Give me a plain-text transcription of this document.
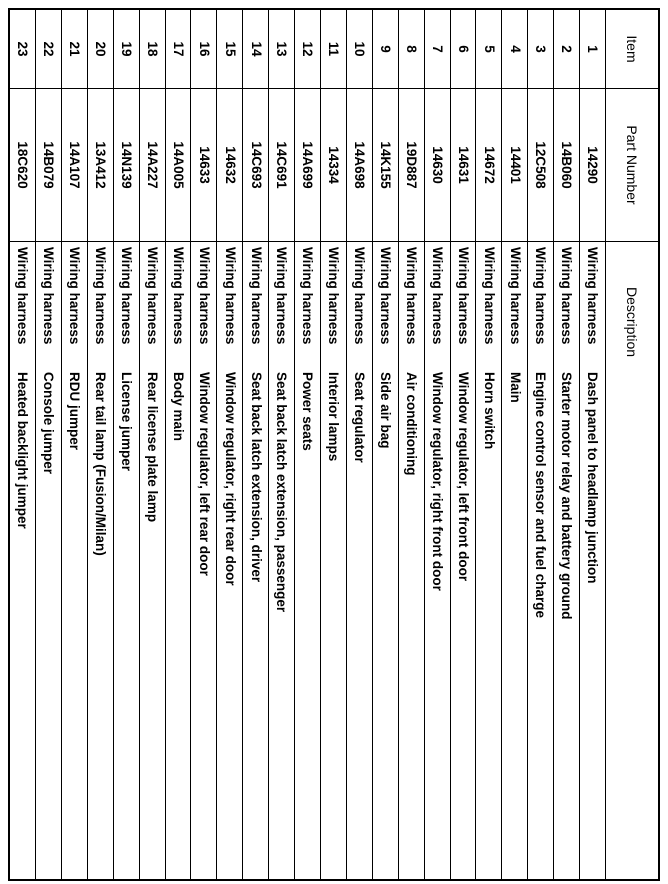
Item
Part Number
Description
1
14290
Wiring harness
Dash panel to headlamp junction
2
14B060
Wiring harness
Starter motor relay and battery ground
3
12C508
Wiring harness
Engine control sensor and fuel charge
4
14401
Wiring harness
Main
5
14672
Wiring harness
Horn switch
6
14631
Wiring harness
Window regulator, left front door
7
14630
Wiring harness
Window regulator, right front door
8
19D887
Wiring harness
Air conditioning
9
14K155
Wiring harness
Side air bag
10
14A698
Wiring harness
Seat regulator
11
14334
Wiring harness
Interior lamps
12
14A699
Wiring harness
Power seats
13
14C691
Wiring harness
Seat back latch extension, passenger
14
14C693
Wiring harness
Seat back latch extension, driver
15
14632
Wiring harness
Window regulator, right rear door
16
14633
Wiring harness
Window regulator, left rear door
17
14A005
Wiring harness
Body main
18
14A227
Wiring harness
Rear license plate lamp
19
14N139
Wiring harness
License jumper
20
13A412
Wiring harness
Rear tail lamp (Fusion/Milan)
21
14A107
Wiring harness
RDU jumper
22
14B079
Wiring harness
Console jumper
23
18C620
Wiring harness
Heated backlight jumper
